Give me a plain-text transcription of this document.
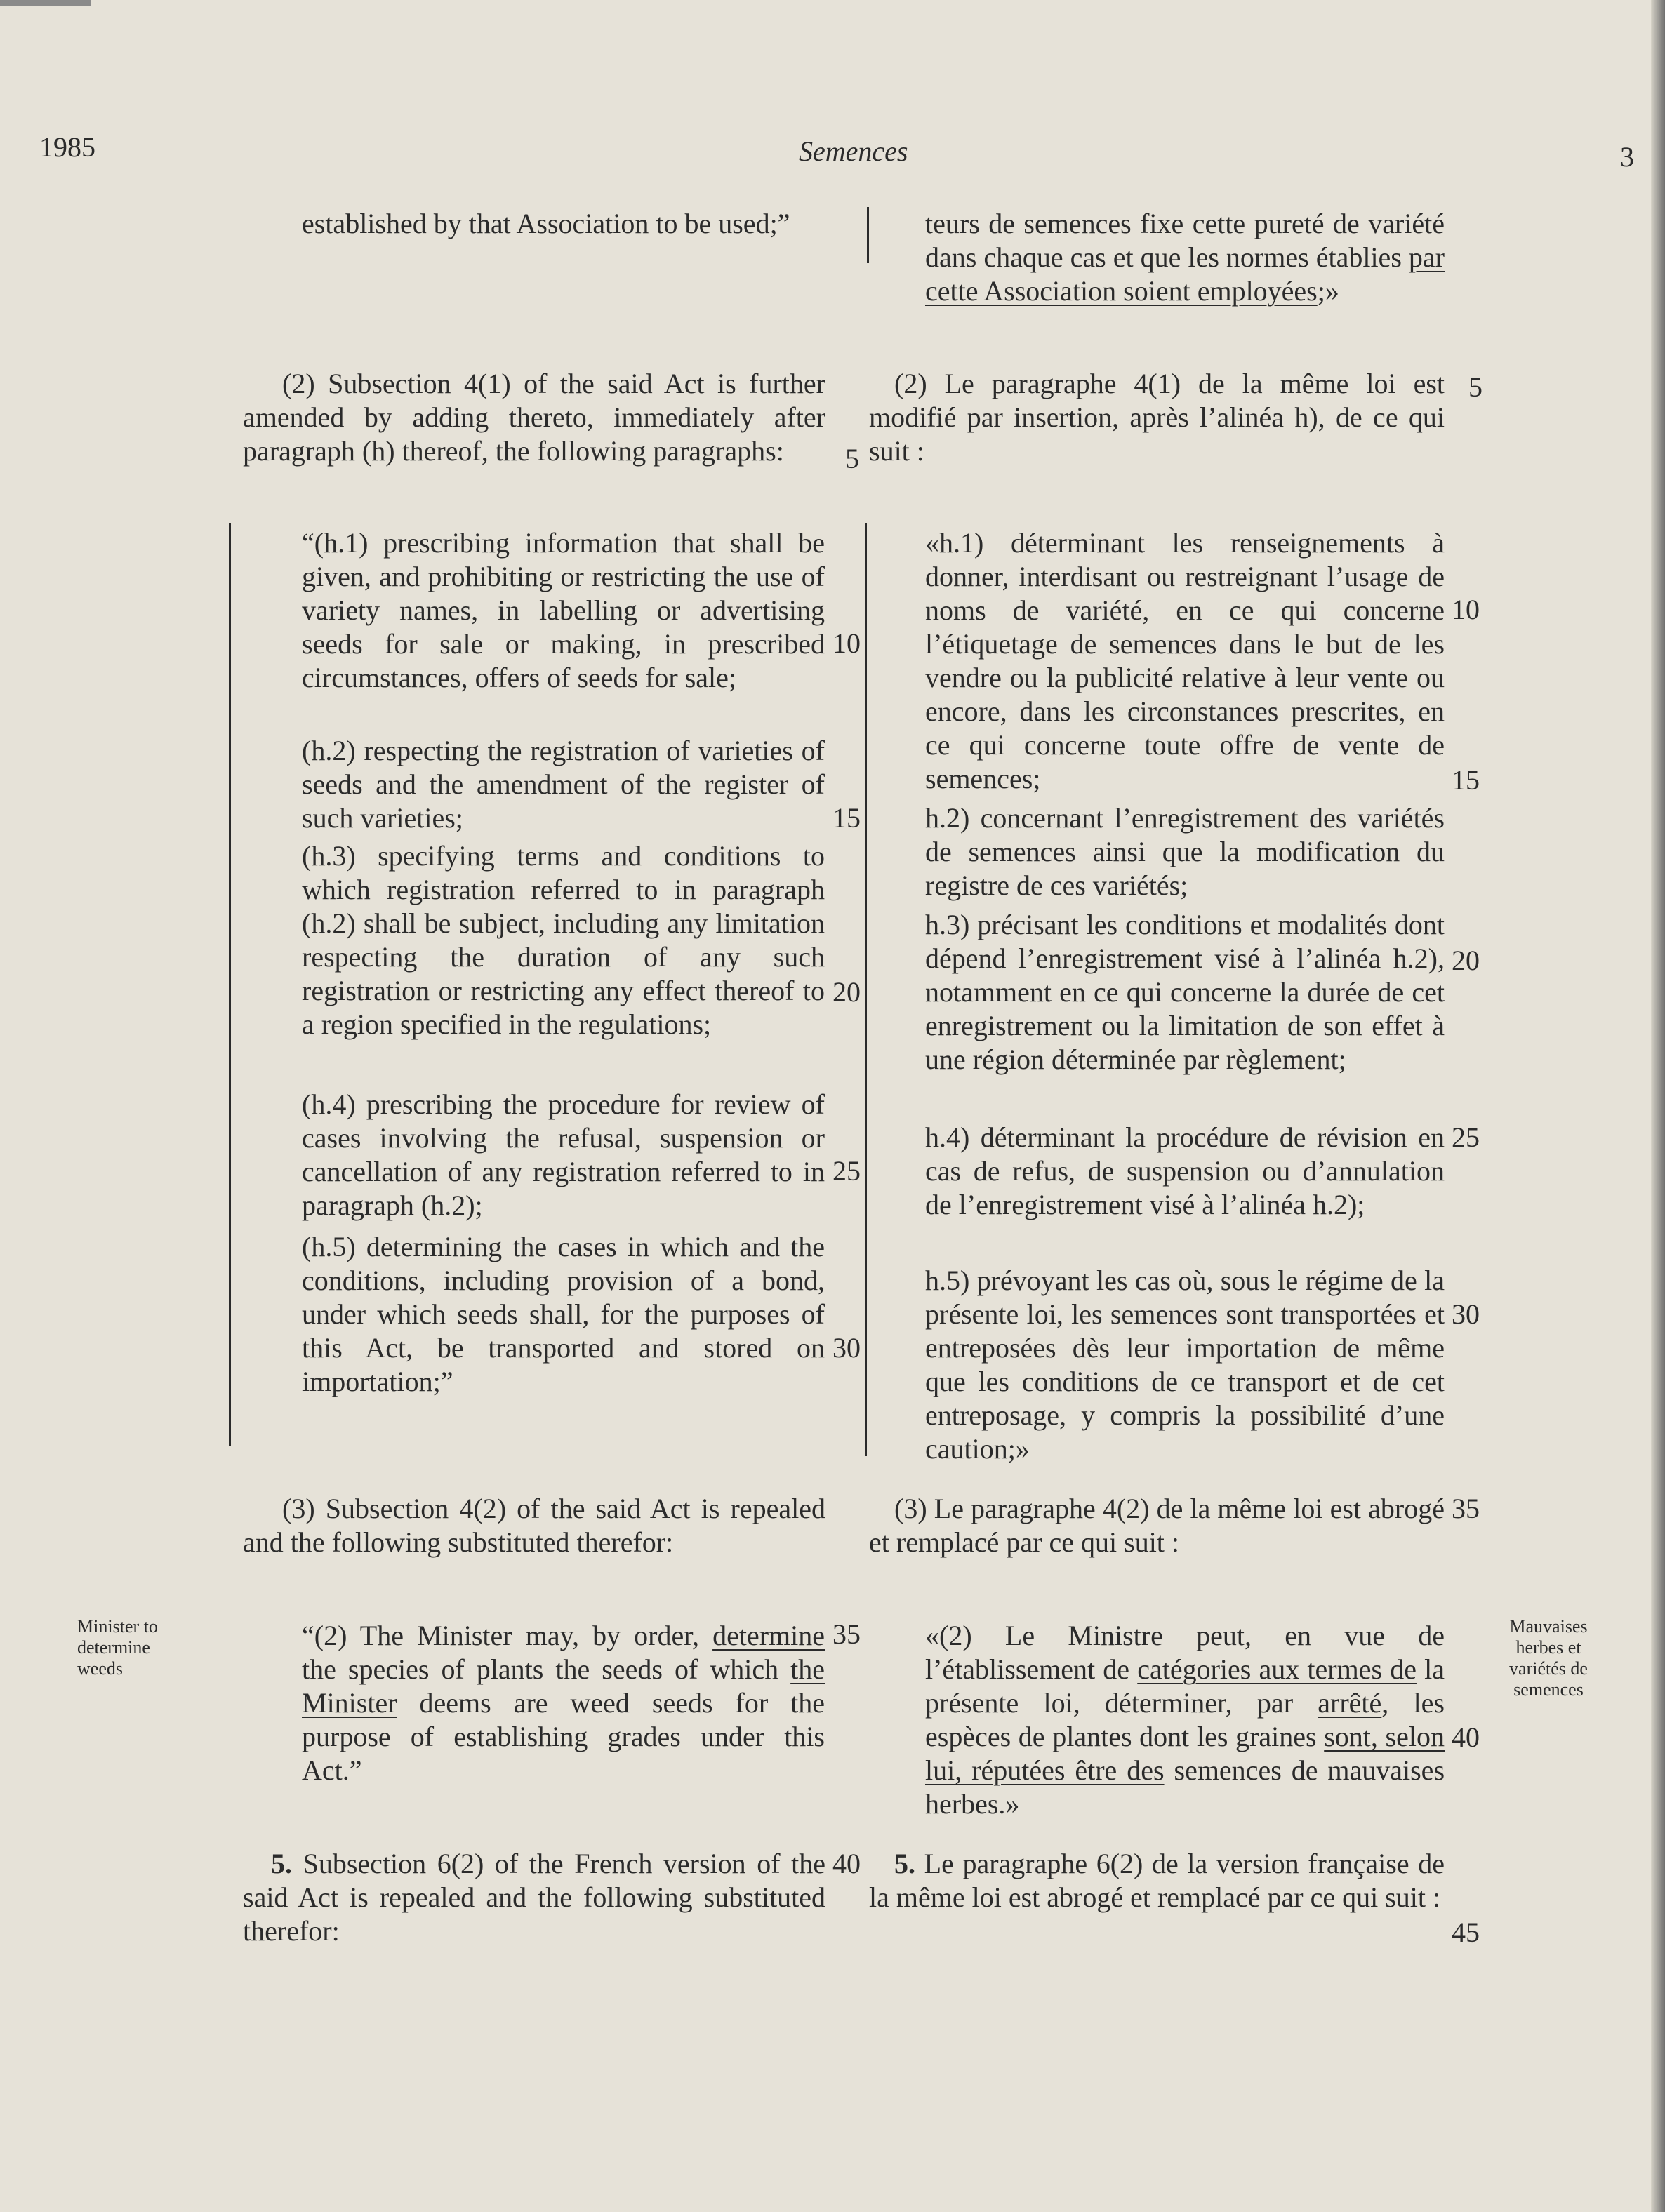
1985	Semences	3

established by that Association to be used;”

(2) Subsection 4(1) of the said Act is further amended by adding thereto, immediately after paragraph (h) thereof, the following paragraphs:

“(h.1) prescribing information that shall be given, and prohibiting or restricting the use of variety names, in labelling or advertising seeds for sale or making, in prescribed circumstances, offers of seeds for sale;

(h.2) respecting the registration of varieties of seeds and the amendment of the register of such varieties;

(h.3) specifying terms and conditions to which registration referred to in paragraph (h.2) shall be subject, including any limitation respecting the duration of any such registration or restricting any effect thereof to a region specified in the regulations;

(h.4) prescribing the procedure for review of cases involving the refusal, suspension or cancellation of any registration referred to in paragraph (h.2);

(h.5) determining the cases in which and the conditions, including provision of a bond, under which seeds shall, for the purposes of this Act, be transported and stored on importation;”

(3) Subsection 4(2) of the said Act is repealed and the following substituted therefor:

“(2) The Minister may, by order, determine the species of plants the seeds of which the Minister deems are weed seeds for the purpose of establishing grades under this Act.”

5. Subsection 6(2) of the French version of the said Act is repealed and the following substituted therefor:

Minister to determine weeds
5
10
15
20
25
30
35
40

teurs de semences fixe cette pureté de variété dans chaque cas et que les normes établies par cette Association soient employées;»

(2) Le paragraphe 4(1) de la même loi est modifié par insertion, après l’alinéa h), de ce qui suit :

«h.1) déterminant les renseignements à donner, interdisant ou restreignant l’usage de noms de variété, en ce qui concerne l’étiquetage de semences dans le but de les vendre ou la publicité relative à leur vente ou encore, dans les circonstances prescrites, en ce qui concerne toute offre de vente de semences;

h.2) concernant l’enregistrement des variétés de semences ainsi que la modification du registre de ces variétés;

h.3) précisant les conditions et modalités dont dépend l’enregistrement visé à l’alinéa h.2), notamment en ce qui concerne la durée de cet enregistrement ou la limitation de son effet à une région déterminée par règlement;

h.4) déterminant la procédure de révision en cas de refus, de suspension ou d’annulation de l’enregistrement visé à l’alinéa h.2);

h.5) prévoyant les cas où, sous le régime de la présente loi, les semences sont transportées et entreposées dès leur importation de même que les conditions de ce transport et de cet entreposage, y compris la possibilité d’une caution;»

(3) Le paragraphe 4(2) de la même loi est abrogé et remplacé par ce qui suit :

«(2) Le Ministre peut, en vue de l’établissement de catégories aux termes de la présente loi, déterminer, par arrêté, les espèces de plantes dont les graines sont, selon lui, réputées être des semences de mauvaises herbes.»

5. Le paragraphe 6(2) de la version française de la même loi est abrogé et remplacé par ce qui suit :

Mauvaises herbes et variétés de semences
5
10
15
20
25
30
35
40
45
